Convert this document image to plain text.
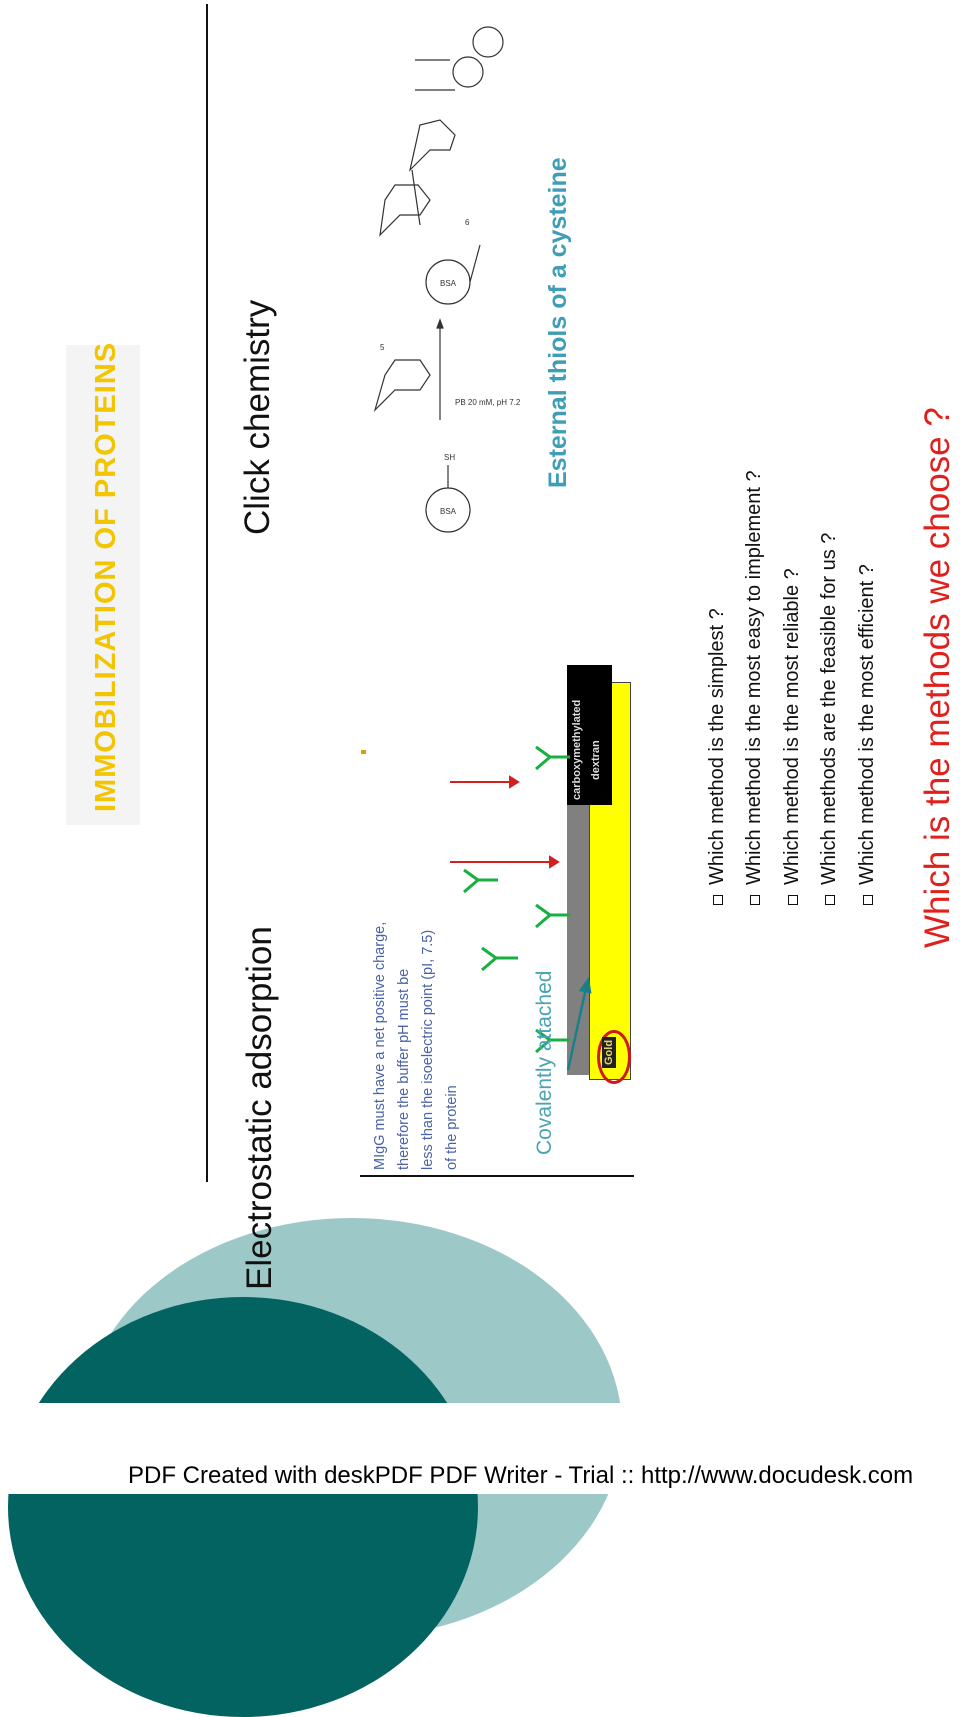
IMMOBILIZATION OF PROTEINS
Electrostatic adsorption
Click chemistry
MIgG must have a net positive charge, therefore the buffer pH must be less than the isoelectric point (pI, 7.5) of the protein
carboxymethylated dextran
Gold
Covalently attached
BSA
BSA
SH
5
6
PB 20 mM, pH 7.2 Esternal thiols of a cysteine
Which method is the simplest ? Which method is the most easy to implement ? Which method is the most reliable ? Which methods are the feasible for us ? Which method is the most efficient ? Which is the methods we choose ?
PDF Created with deskPDF PDF Writer - Trial :: http://www.docudesk.com
